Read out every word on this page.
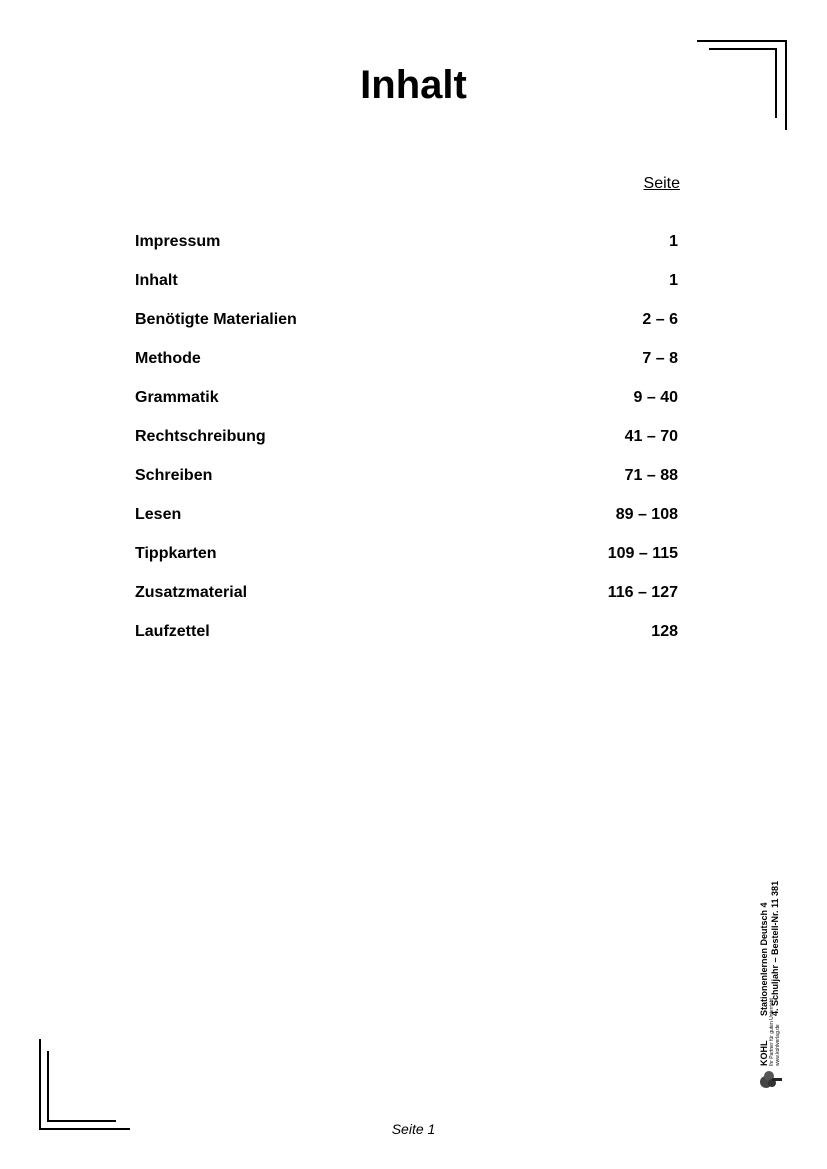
Inhalt
Seite
Impressum	1
Inhalt	1
Benötigte Materialien	2 – 6
Methode	7 – 8
Grammatik	9 – 40
Rechtschreibung	41 – 70
Schreiben	71 – 88
Lesen	89 – 108
Tippkarten	109 – 115
Zusatzmaterial	116 – 127
Laufzettel	128
KOHL Ihr Partner für guten Unterricht www.kohlverlag.de
Stationenlernen Deutsch 4 4. Schuljahr – Bestell-Nr. 11 381
Seite 1
